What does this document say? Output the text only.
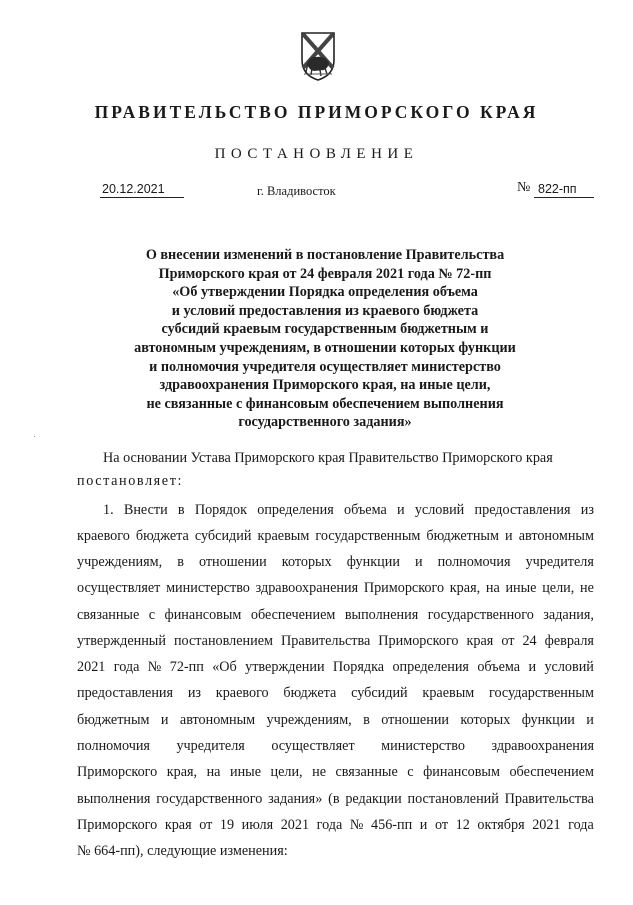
ПРАВИТЕЛЬСТВО ПРИМОРСКОГО КРАЯ
ПОСТАНОВЛЕНИЕ
20.12.2021	г. Владивосток	№ 822-пп
О внесении изменений в постановление Правительства
Приморского края от 24 февраля 2021 года № 72-пп
«Об утверждении Порядка определения объема
и условий предоставления из краевого бюджета
субсидий краевым государственным бюджетным и
автономным учреждениям, в отношении которых функции
и полномочия учредителя осуществляет министерство
здравоохранения Приморского края, на иные цели,
не связанные с финансовым обеспечением выполнения
государственного задания»
На основании Устава Приморского края Правительство Приморского края
постановляет:
1. Внести в Порядок определения объема и условий предоставления из
краевого бюджета субсидий краевым государственным бюджетным и автономным
учреждениям, в отношении которых функции и полномочия учредителя
осуществляет министерство здравоохранения Приморского края, на иные цели, не
связанные с финансовым обеспечением выполнения государственного задания,
утвержденный постановлением Правительства Приморского края от 24 февраля
2021 года № 72-пп «Об утверждении Порядка определения объема и условий
предоставления из краевого бюджета субсидий краевым государственным
бюджетным и автономным учреждениям, в отношении которых функции и
полномочия учредителя осуществляет министерство здравоохранения
Приморского края, на иные цели, не связанные с финансовым обеспечением
выполнения государственного задания» (в редакции постановлений Правительства
Приморского края от 19 июля 2021 года № 456-пп и от 12 октября 2021 года
№ 664-пп), следующие изменения:
